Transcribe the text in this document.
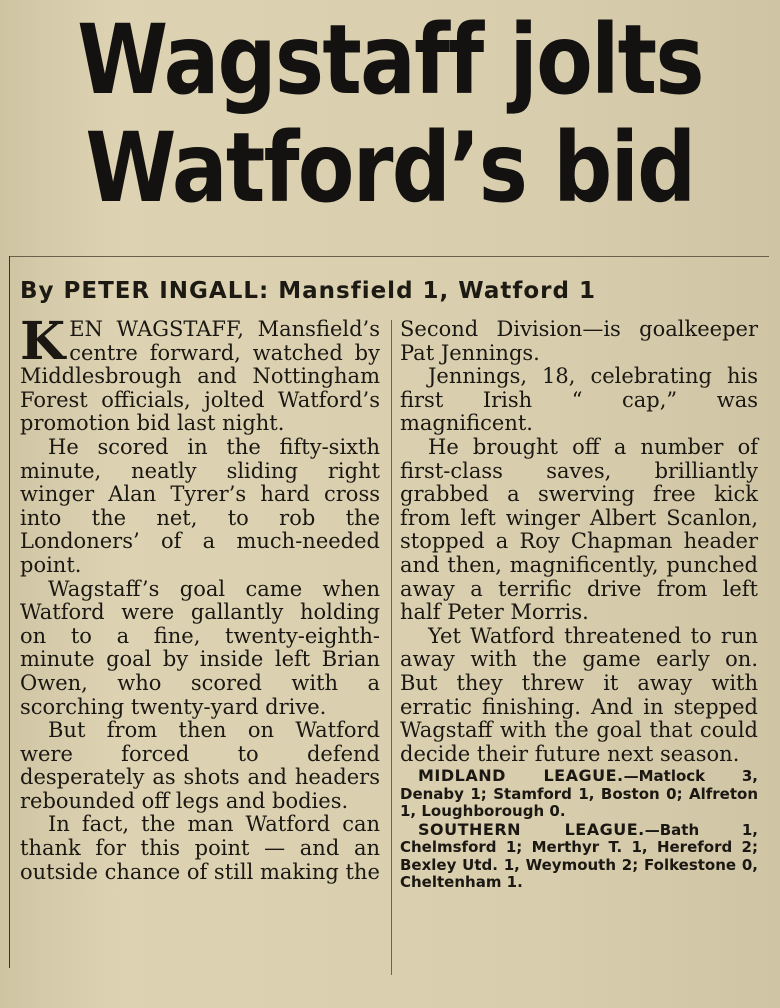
Wagstaff jolts
Watford’s bid
By PETER INGALL: Mansfield 1, Watford 1

KEN WAGSTAFF, Mansfield’s centre forward, watched by Middlesbrough and Nottingham Forest officials, jolted Watford’s promotion bid last night.

He scored in the fifty-sixth minute, neatly sliding right winger Alan Tyrer’s hard cross into the net, to rob the Londoners’ of a much-needed point.

Wagstaff’s goal came when Watford were gallantly holding on to a fine, twenty-eighth-minute goal by inside left Brian Owen, who scored with a scorching twenty-yard drive.

But from then on Watford were forced to defend desperately as shots and headers rebounded off legs and bodies.

In fact, the man Watford can thank for this point — and an outside chance of still making the

Second Division—is goalkeeper Pat Jennings.

Jennings, 18, celebrating his first Irish “ cap,” was magnificent.

He brought off a number of first-class saves, brilliantly grabbed a swerving free kick from left winger Albert Scanlon, stopped a Roy Chapman header and then, magnificently, punched away a terrific drive from left half Peter Morris.

Yet Watford threatened to run away with the game early on. But they threw it away with erratic finishing. And in stepped Wagstaff with the goal that could decide their future next season.

MIDLAND LEAGUE.—Matlock 3, Denaby 1; Stamford 1, Boston 0; Alfreton 1, Loughborough 0.

SOUTHERN LEAGUE.—Bath 1, Chelmsford 1; Merthyr T. 1, Hereford 2; Bexley Utd. 1, Weymouth 2; Folkestone 0, Cheltenham 1.
